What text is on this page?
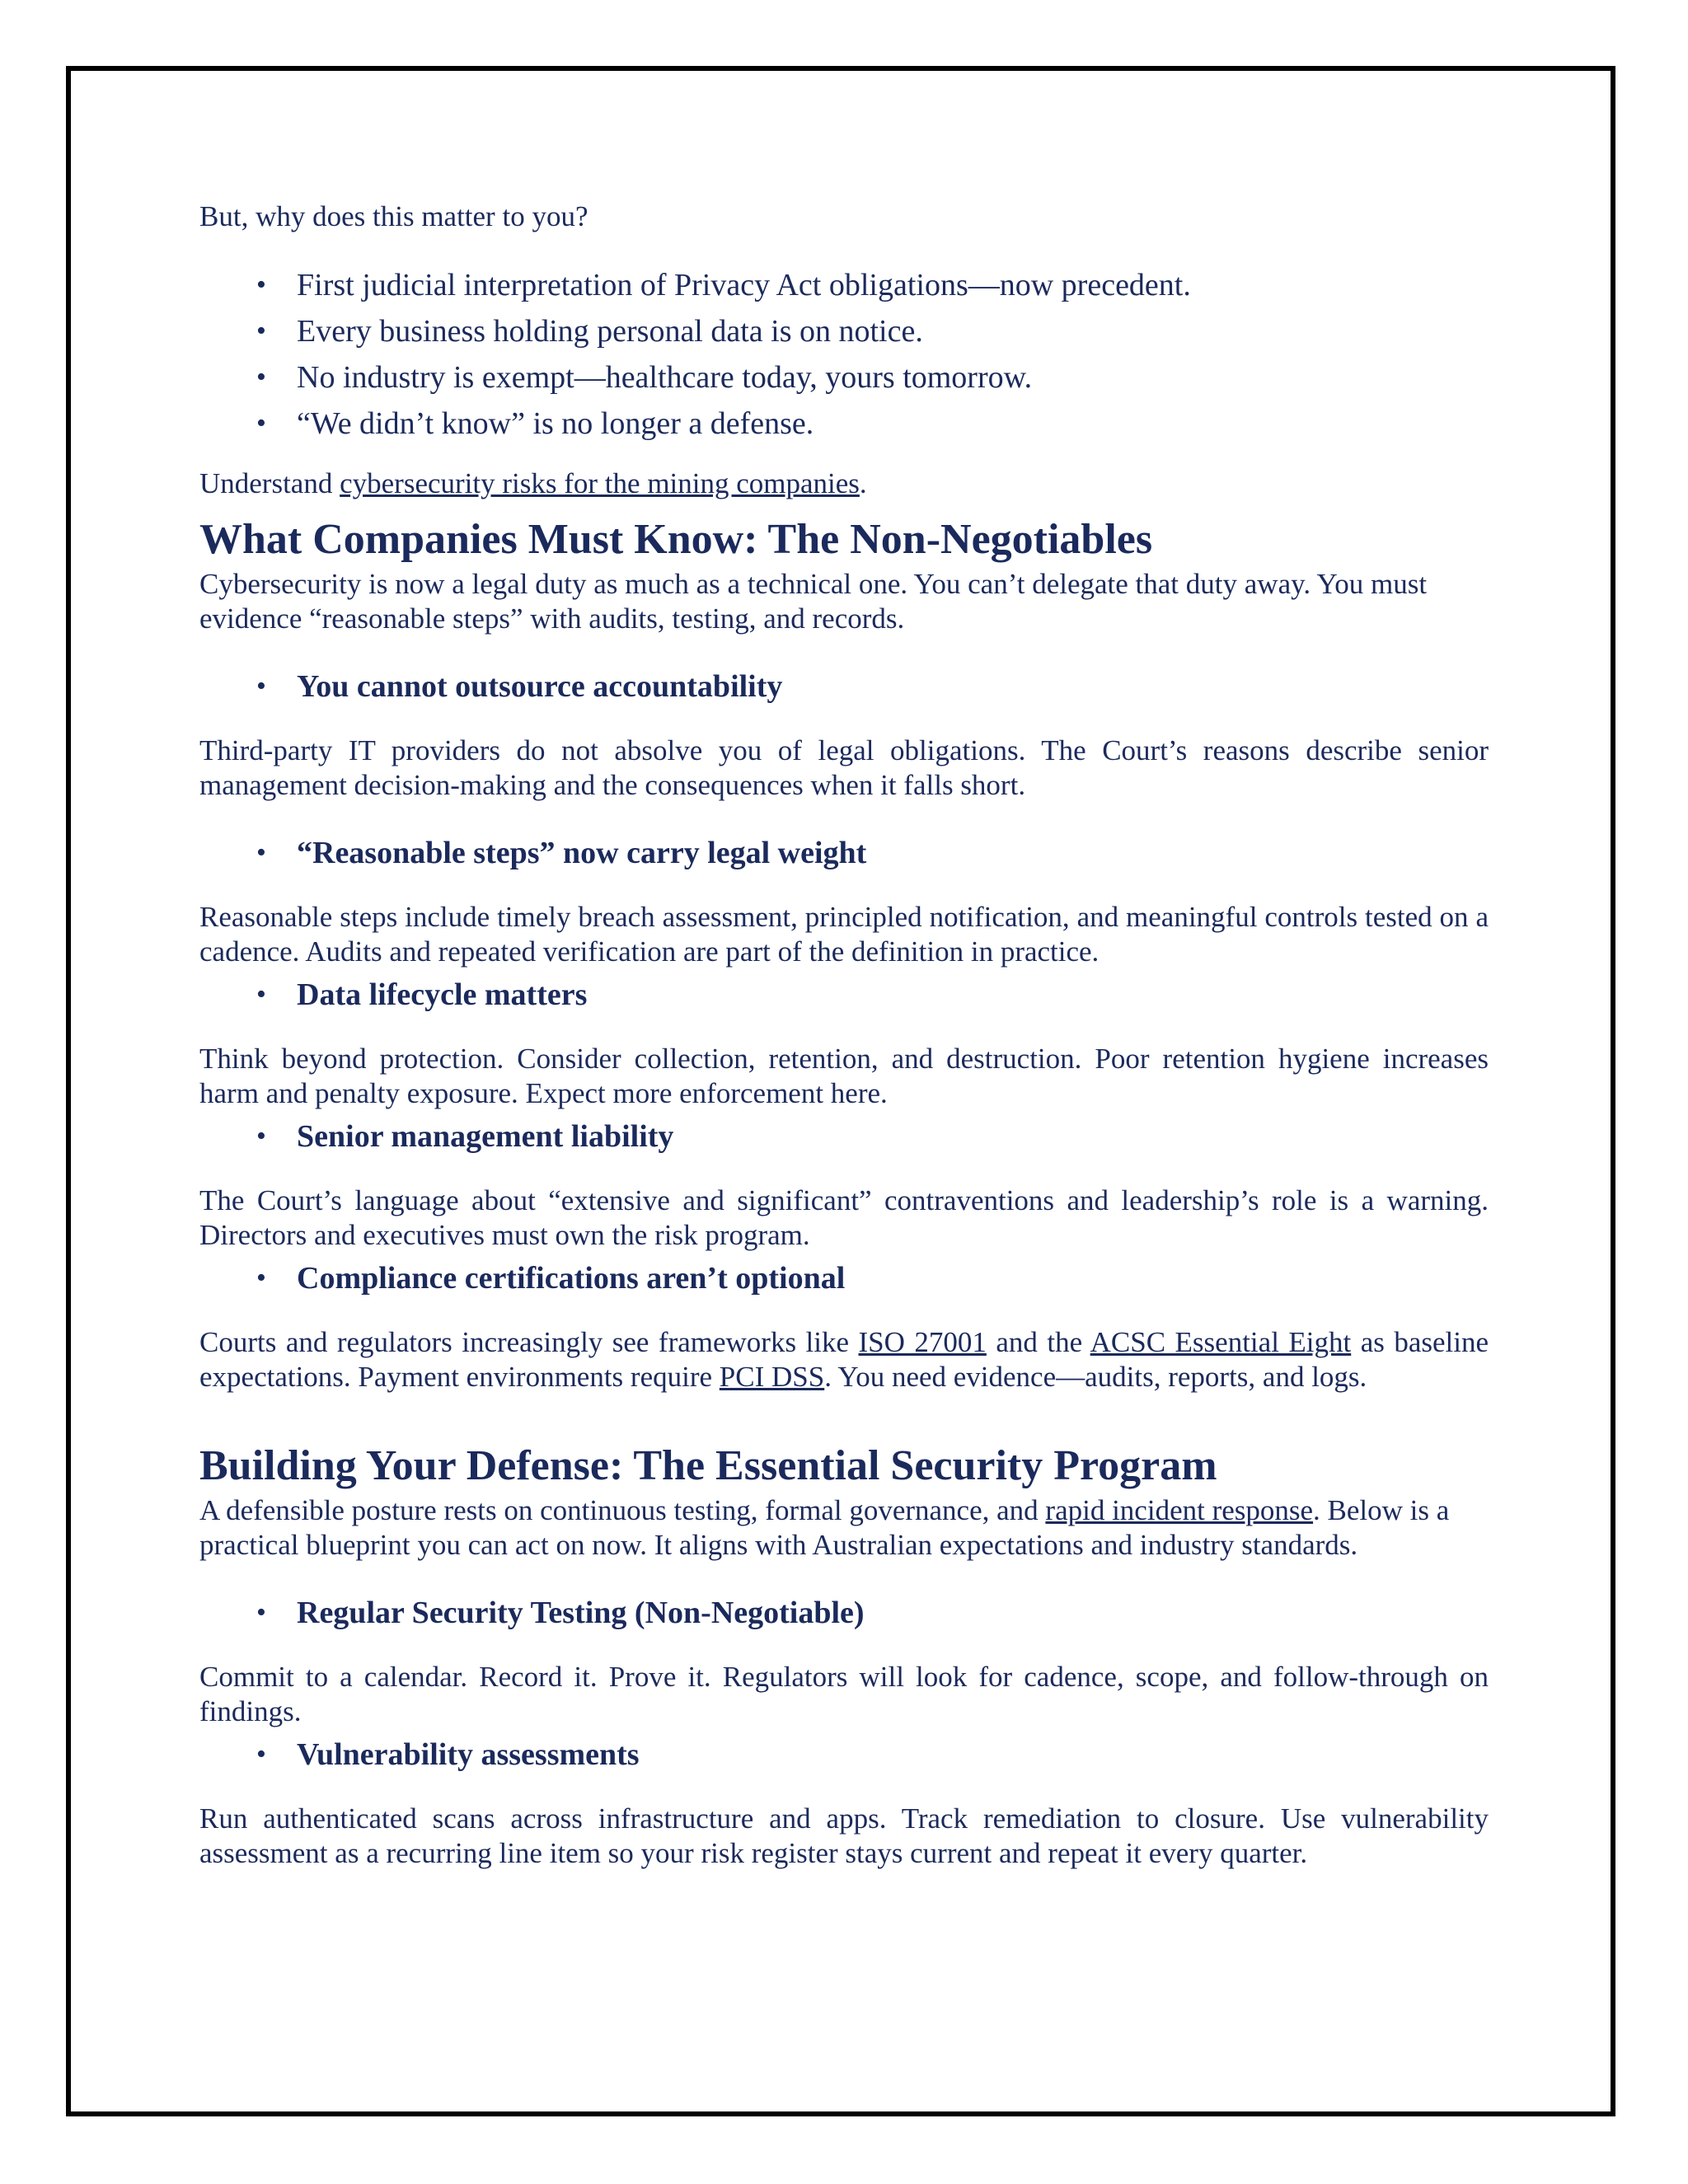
But, why does this matter to you?

• First judicial interpretation of Privacy Act obligations—now precedent.
• Every business holding personal data is on notice.
• No industry is exempt—healthcare today, yours tomorrow.
• “We didn’t know” is no longer a defense.

Understand cybersecurity risks for the mining companies.

What Companies Must Know: The Non-Negotiables

Cybersecurity is now a legal duty as much as a technical one. You can’t delegate that duty away. You must evidence “reasonable steps” with audits, testing, and records.

• You cannot outsource accountability

Third-party IT providers do not absolve you of legal obligations. The Court’s reasons describe senior management decision-making and the consequences when it falls short.

• “Reasonable steps” now carry legal weight

Reasonable steps include timely breach assessment, principled notification, and meaningful controls tested on a cadence. Audits and repeated verification are part of the definition in practice.

• Data lifecycle matters

Think beyond protection. Consider collection, retention, and destruction. Poor retention hygiene increases harm and penalty exposure. Expect more enforcement here.

• Senior management liability

The Court’s language about “extensive and significant” contraventions and leadership’s role is a warning. Directors and executives must own the risk program.

• Compliance certifications aren’t optional

Courts and regulators increasingly see frameworks like ISO 27001 and the ACSC Essential Eight as baseline expectations. Payment environments require PCI DSS. You need evidence—audits, reports, and logs.

Building Your Defense: The Essential Security Program

A defensible posture rests on continuous testing, formal governance, and rapid incident response. Below is a practical blueprint you can act on now. It aligns with Australian expectations and industry standards.

• Regular Security Testing (Non-Negotiable)

Commit to a calendar. Record it. Prove it. Regulators will look for cadence, scope, and follow-through on findings.

• Vulnerability assessments

Run authenticated scans across infrastructure and apps. Track remediation to closure. Use vulnerability assessment as a recurring line item so your risk register stays current and repeat it every quarter.
